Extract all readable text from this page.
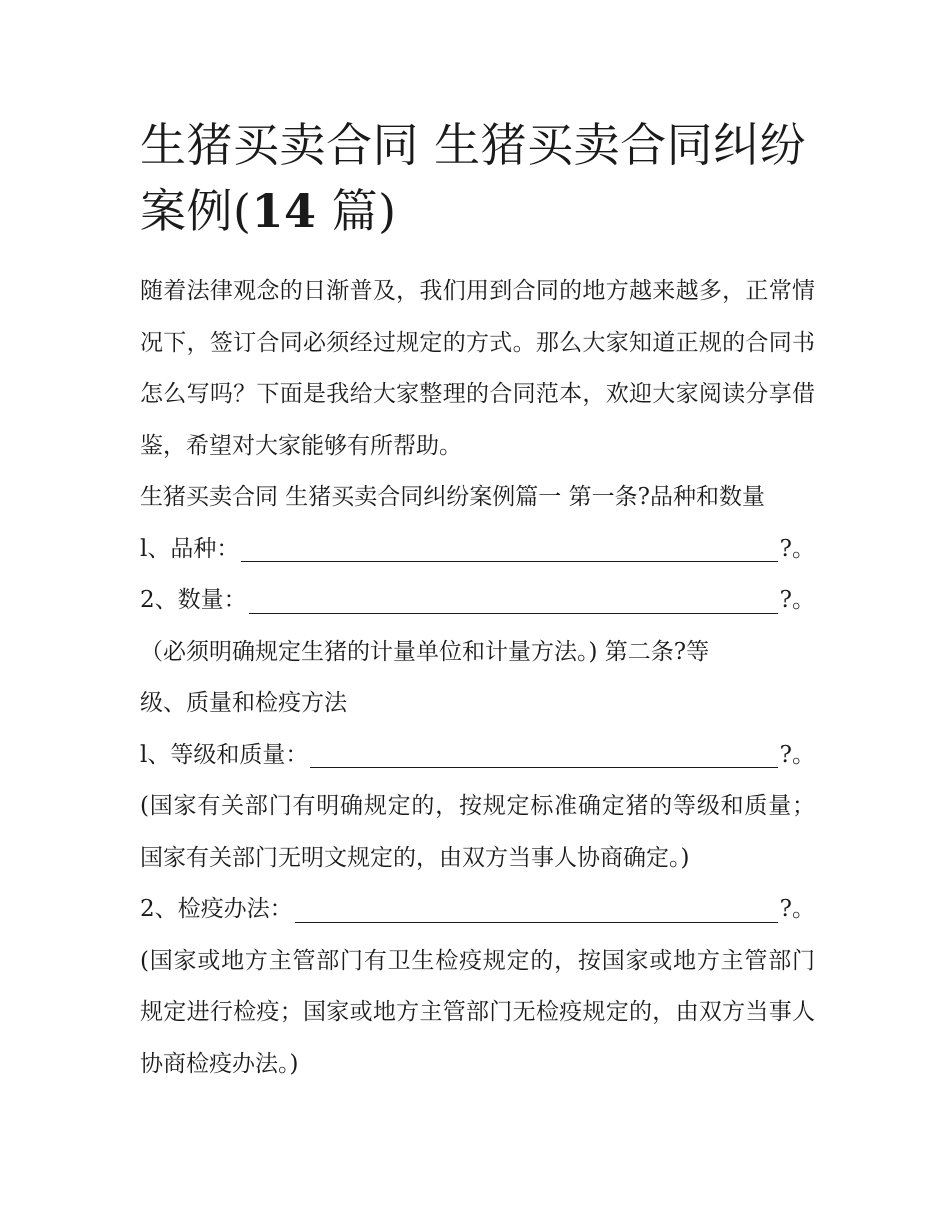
生猪买卖合同 生猪买卖合同纠纷案例(14 篇)

随着法律观念的日渐普及，我们用到合同的地方越来越多，正常情况下，签订合同必须经过规定的方式。那么大家知道正规的合同书怎么写吗？下面是我给大家整理的合同范本，欢迎大家阅读分享借鉴，希望对大家能够有所帮助。

生猪买卖合同 生猪买卖合同纠纷案例篇一 第一条?品种和数量

l、品种：	?。
2、数量：	?。

（必须明确规定生猪的计量单位和计量方法。) 第二条?等

级、质量和检疫方法

l、等级和质量：	?。

(国家有关部门有明确规定的，按规定标准确定猪的等级和质量；国家有关部门无明文规定的，由双方当事人协商确定。)

2、检疫办法：	?。

(国家或地方主管部门有卫生检疫规定的，按国家或地方主管部门规定进行检疫；国家或地方主管部门无检疫规定的，由双方当事人协商检疫办法。)
